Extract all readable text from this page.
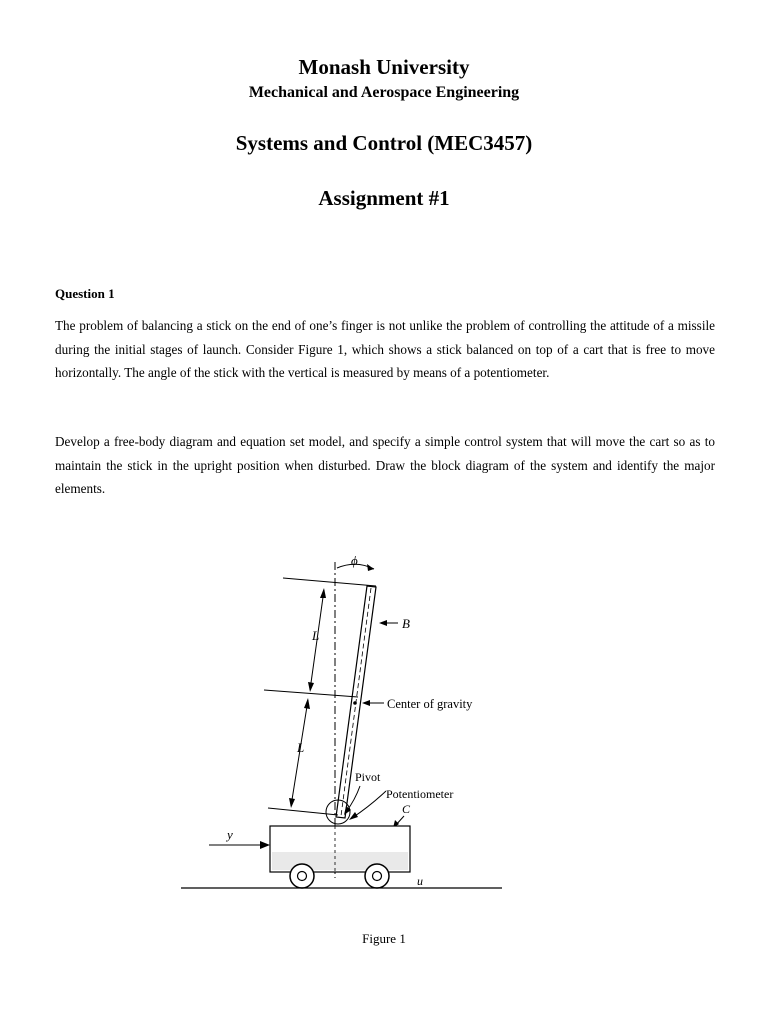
Monash University
Mechanical and Aerospace Engineering
Systems and Control (MEC3457)
Assignment #1
Question 1
The problem of balancing a stick on the end of one’s finger is not unlike the problem of controlling the attitude of a missile during the initial stages of launch. Consider Figure 1, which shows a stick balanced on top of a cart that is free to move horizontally. The angle of the stick with the vertical is measured by means of a potentiometer.
Develop a free-body diagram and equation set model, and specify a simple control system that will move the cart so as to maintain the stick in the upright position when disturbed. Draw the block diagram of the system and identify the major elements.
ϕ
L
L
B
Center of gravity
Pivot
Potentiometer
C
y
u
Figure 1
